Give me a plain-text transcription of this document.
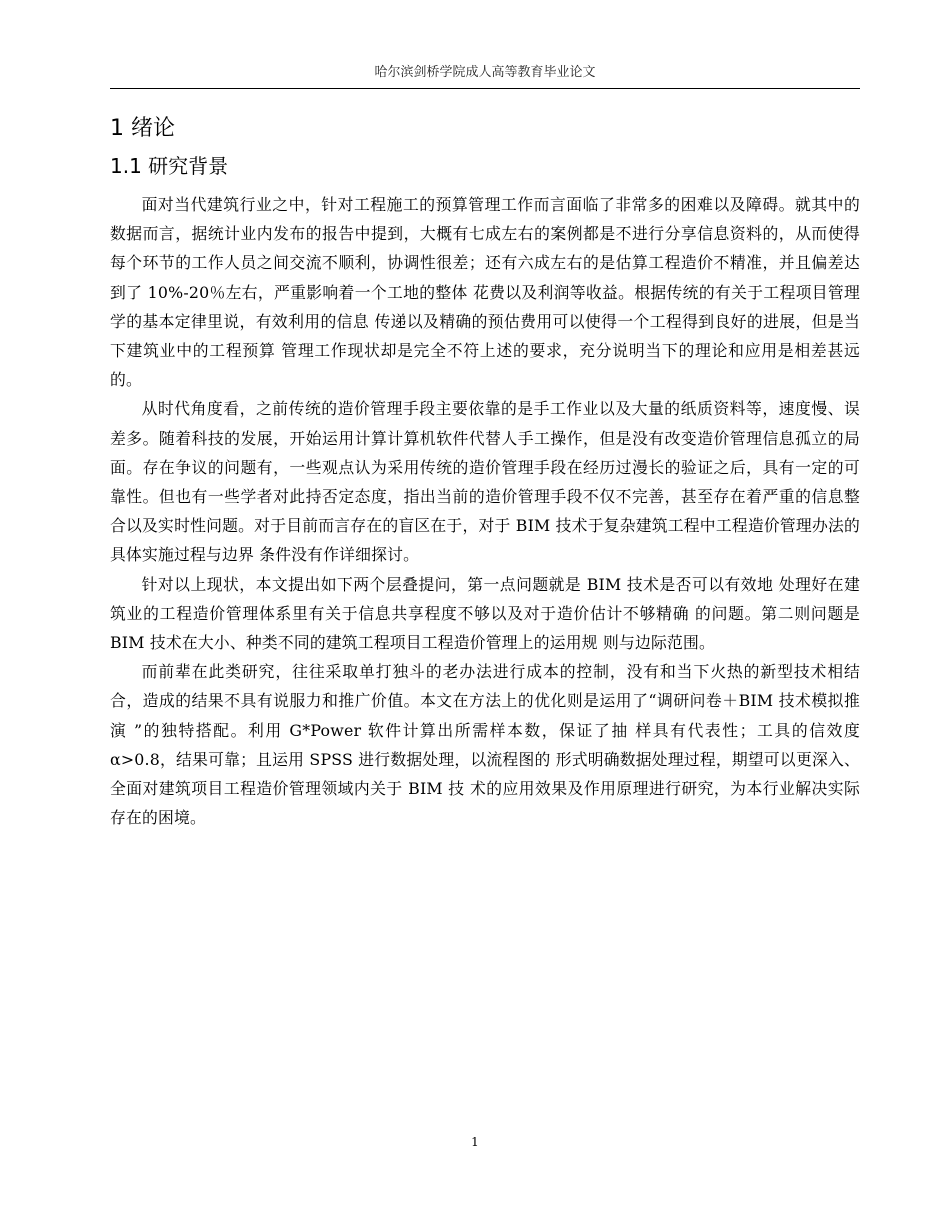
哈尔滨剑桥学院成人高等教育毕业论文
1 绪论
1.1 研究背景

面对当代建筑行业之中，针对工程施工的预算管理工作而言面临了非常多的困难以及障碍。就其中的数据而言，据统计业内发布的报告中提到，大概有七成左右的案例都是不进行分享信息资料的，从而使得每个环节的工作人员之间交流不顺利，协调性很差；还有六成左右的是估算工程造价不精准，并且偏差达到了 10%-20％左右，严重影响着一个工地的整体 花费以及利润等收益。根据传统的有关于工程项目管理学的基本定律里说，有效利用的信息 传递以及精确的预估费用可以使得一个工程得到良好的进展，但是当下建筑业中的工程预算 管理工作现状却是完全不符上述的要求，充分说明当下的理论和应用是相差甚远的。

从时代角度看，之前传统的造价管理手段主要依靠的是手工作业以及大量的纸质资料等，速度慢、误差多。随着科技的发展，开始运用计算计算机软件代替人手工操作，但是没有改变造价管理信息孤立的局面。存在争议的问题有，一些观点认为采用传统的造价管理手段在经历过漫长的验证之后，具有一定的可靠性。但也有一些学者对此持否定态度，指出当前的造价管理手段不仅不完善，甚至存在着严重的信息整合以及实时性问题。对于目前而言存在的盲区在于，对于 BIM 技术于复杂建筑工程中工程造价管理办法的具体实施过程与边界 条件没有作详细探讨。

针对以上现状，本文提出如下两个层叠提问，第一点问题就是 BIM 技术是否可以有效地 处理好在建筑业的工程造价管理体系里有关于信息共享程度不够以及对于造价估计不够精确 的问题。第二则问题是 BIM 技术在大小、种类不同的建筑工程项目工程造价管理上的运用规 则与边际范围。

而前辈在此类研究，往往采取单打独斗的老办法进行成本的控制，没有和当下火热的新型技术相结合，造成的结果不具有说服力和推广价值。本文在方法上的优化则是运用了“调研问卷＋BIM 技术模拟推演 ”的独特搭配。利用 G*Power 软件计算出所需样本数，保证了抽 样具有代表性；工具的信效度 α>0.8，结果可靠；且运用 SPSS 进行数据处理，以流程图的 形式明确数据处理过程，期望可以更深入、全面对建筑项目工程造价管理领域内关于 BIM 技 术的应用效果及作用原理进行研究，为本行业解决实际存在的困境。

1
